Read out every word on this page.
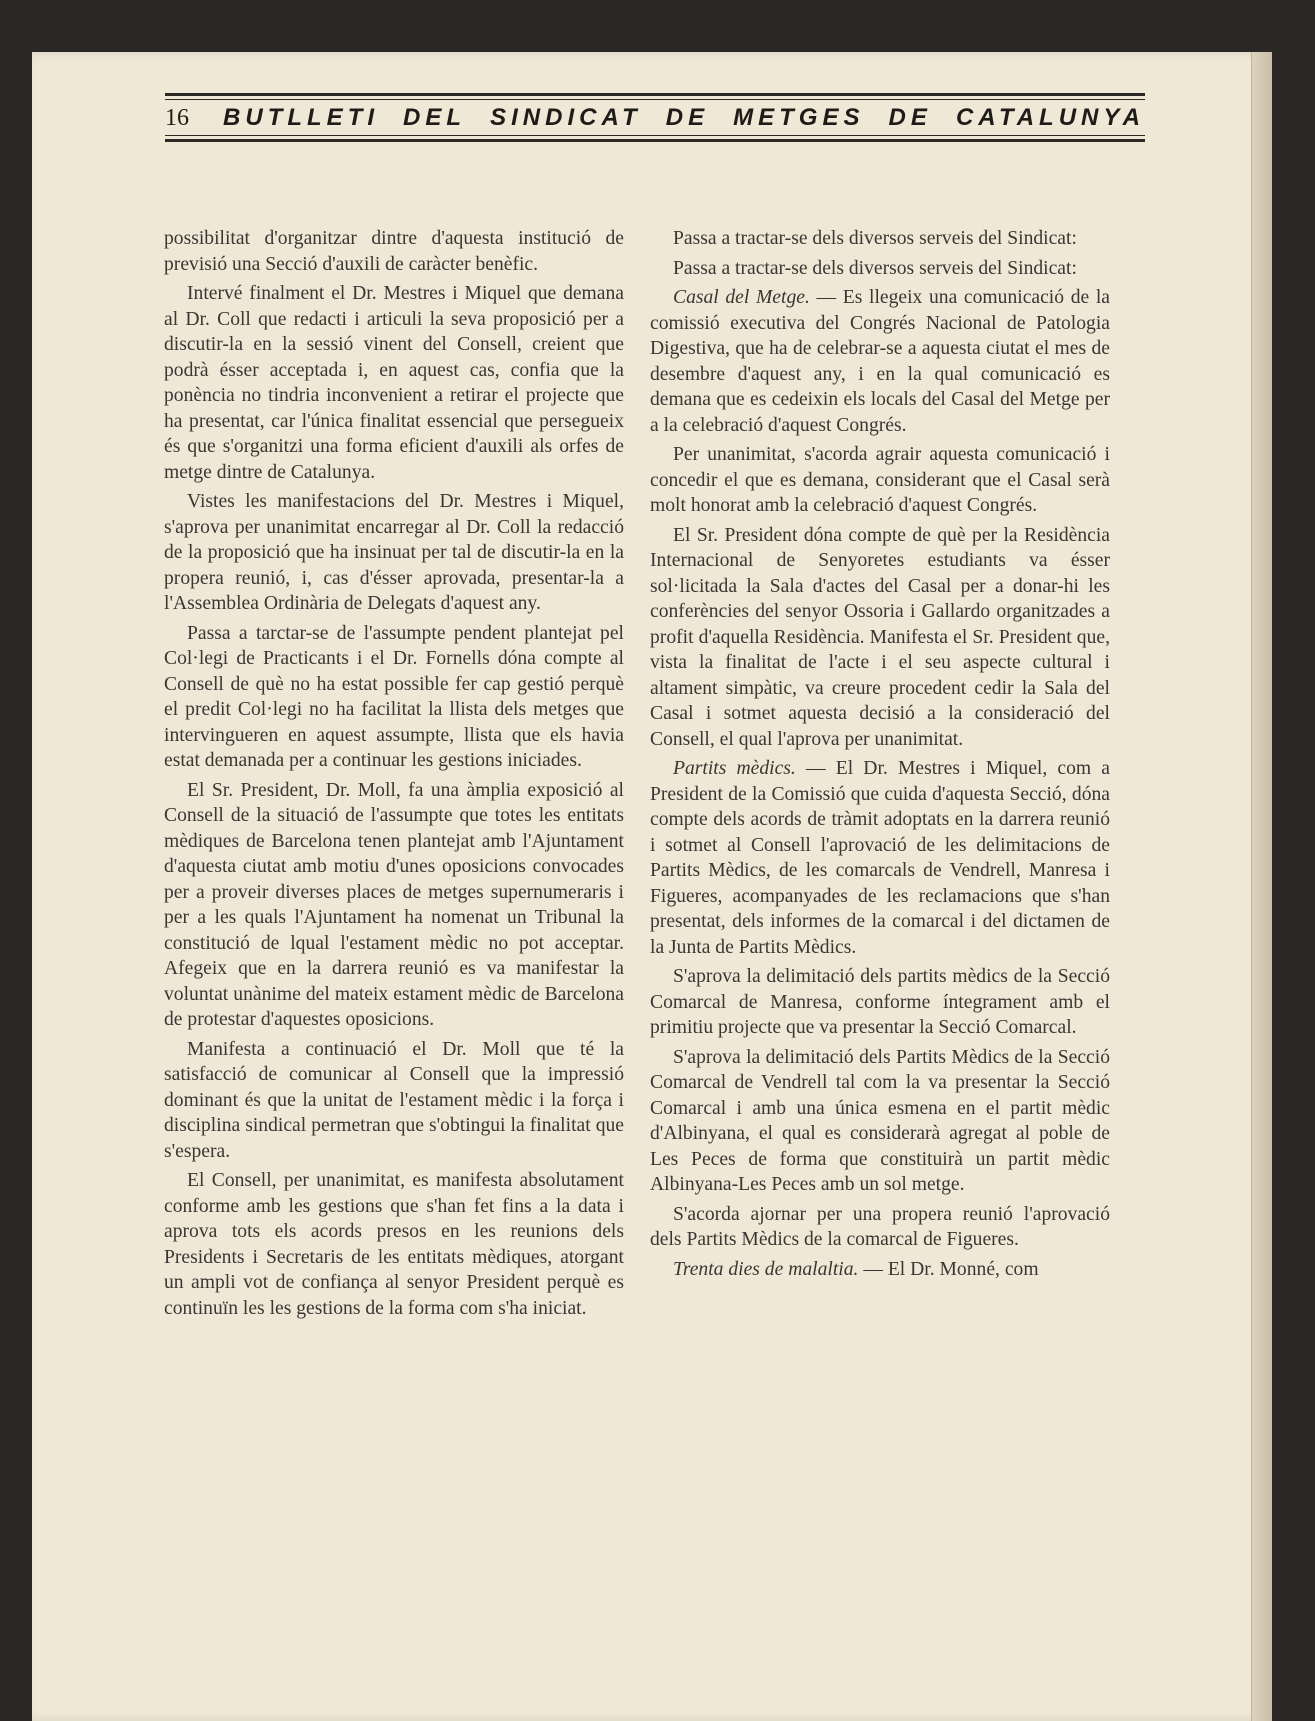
16	BUTLLETI DEL SINDICAT DE METGES DE CATALUNYA

possibilitat d'organitzar dintre d'aquesta institució de previsió una Secció d'auxili de caràcter benèfic.

Intervé finalment el Dr. Mestres i Miquel que demana al Dr. Coll que redacti i articuli la seva proposició per a discutir-la en la sessió vinent del Consell, creient que podrà ésser acceptada i, en aquest cas, confia que la ponència no tindria inconvenient a retirar el projecte que ha presentat, car l'única finalitat essencial que persegueix és que s'organitzi una forma eficient d'auxili als orfes de metge dintre de Catalunya.

Vistes les manifestacions del Dr. Mestres i Miquel, s'aprova per unanimitat encarregar al Dr. Coll la redacció de la proposició que ha insinuat per tal de discutir-la en la propera reunió, i, cas d'ésser aprovada, presentar-la a l'Assemblea Ordinària de Delegats d'aquest any.

Passa a tarctar-se de l'assumpte pendent plantejat pel Col·legi de Practicants i el Dr. Fornells dóna compte al Consell de què no ha estat possible fer cap gestió perquè el predit Col·legi no ha facilitat la llista dels metges que intervingueren en aquest assumpte, llista que els havia estat demanada per a continuar les gestions iniciades.

El Sr. President, Dr. Moll, fa una àmplia exposició al Consell de la situació de l'assumpte que totes les entitats mèdiques de Barcelona tenen plantejat amb l'Ajuntament d'aquesta ciutat amb motiu d'unes oposicions convocades per a proveir diverses places de metges supernumeraris i per a les quals l'Ajuntament ha nomenat un Tribunal la constitució de lqual l'estament mèdic no pot acceptar. Afegeix que en la darrera reunió es va manifestar la voluntat unànime del mateix estament mèdic de Barcelona de protestar d'aquestes oposicions.

Manifesta a continuació el Dr. Moll que té la satisfacció de comunicar al Consell que la impressió dominant és que la unitat de l'estament mèdic i la força i disciplina sindical permetran que s'obtingui la finalitat que s'espera.

El Consell, per unanimitat, es manifesta absolutament conforme amb les gestions que s'han fet fins a la data i aprova tots els acords presos en les reunions dels Presidents i Secretaris de les entitats mèdiques, atorgant un ampli vot de confiança al senyor President perquè es continuïn les les gestions de la forma com s'ha iniciat.

Passa a tractar-se dels diversos serveis del Sindicat:

Passa a tractar-se dels diversos serveis del Sindicat:

Casal del Metge. — Es llegeix una comunicació de la comissió executiva del Congrés Nacional de Patologia Digestiva, que ha de celebrar-se a aquesta ciutat el mes de desembre d'aquest any, i en la qual comunicació es demana que es cedeixin els locals del Casal del Metge per a la celebració d'aquest Congrés.

Per unanimitat, s'acorda agrair aquesta comunicació i concedir el que es demana, considerant que el Casal serà molt honorat amb la celebració d'aquest Congrés.

El Sr. President dóna compte de què per la Residència Internacional de Senyoretes estudiants va ésser sol·licitada la Sala d'actes del Casal per a donar-hi les conferències del senyor Ossoria i Gallardo organitzades a profit d'aquella Residència. Manifesta el Sr. President que, vista la finalitat de l'acte i el seu aspecte cultural i altament simpàtic, va creure procedent cedir la Sala del Casal i sotmet aquesta decisió a la consideració del Consell, el qual l'aprova per unanimitat.

Partits mèdics. — El Dr. Mestres i Miquel, com a President de la Comissió que cuida d'aquesta Secció, dóna compte dels acords de tràmit adoptats en la darrera reunió i sotmet al Consell l'aprovació de les delimitacions de Partits Mèdics, de les comarcals de Vendrell, Manresa i Figueres, acompanyades de les reclamacions que s'han presentat, dels informes de la comarcal i del dictamen de la Junta de Partits Mèdics.

S'aprova la delimitació dels partits mèdics de la Secció Comarcal de Manresa, conforme íntegrament amb el primitiu projecte que va presentar la Secció Comarcal.

S'aprova la delimitació dels Partits Mèdics de la Secció Comarcal de Vendrell tal com la va presentar la Secció Comarcal i amb una única esmena en el partit mèdic d'Albinyana, el qual es considerarà agregat al poble de Les Peces de forma que constituirà un partit mèdic Albinyana-Les Peces amb un sol metge.

S'acorda ajornar per una propera reunió l'aprovació dels Partits Mèdics de la comarcal de Figueres.

Trenta dies de malaltia. — El Dr. Monné, com
